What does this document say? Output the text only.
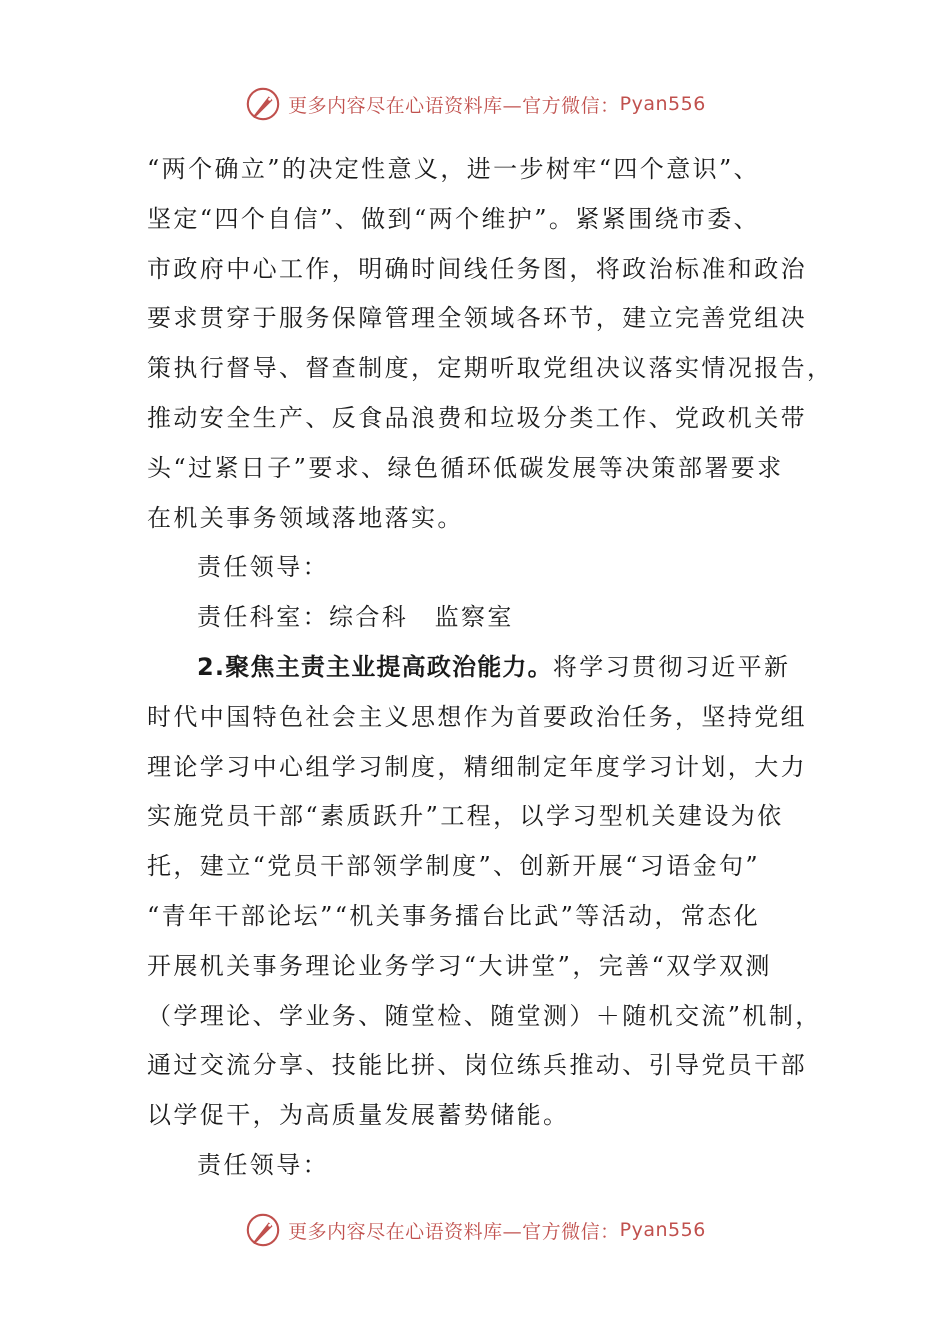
更多内容尽在心语资料库—官方微信： Pyan556
“两个确立”的决定性意义，进一步树牢“四个意识”、
坚定“四个自信”、做到“两个维护”。紧紧围绕市委、
市政府中心工作，明确时间线任务图，将政治标准和政治
要求贯穿于服务保障管理全领域各环节，建立完善党组决
策执行督导、督查制度，定期听取党组决议落实情况报告，
推动安全生产、反食品浪费和垃圾分类工作、党政机关带
头“过紧日子”要求、绿色循环低碳发展等决策部署要求
在机关事务领域落地落实。
责任领导：
责任科室：综合科　监察室
2.聚焦主责主业提高政治能力。将学习贯彻习近平新
时代中国特色社会主义思想作为首要政治任务，坚持党组
理论学习中心组学习制度，精细制定年度学习计划，大力
实施党员干部“素质跃升”工程，以学习型机关建设为依
托，建立“党员干部领学制度”、创新开展“习语金句”
“青年干部论坛”“机关事务擂台比武”等活动，常态化
开展机关事务理论业务学习“大讲堂”，完善“双学双测
（学理论、学业务、随堂检、随堂测）＋随机交流”机制，
通过交流分享、技能比拼、岗位练兵推动、引导党员干部
以学促干，为高质量发展蓄势储能。
责任领导：
更多内容尽在心语资料库—官方微信： Pyan556
